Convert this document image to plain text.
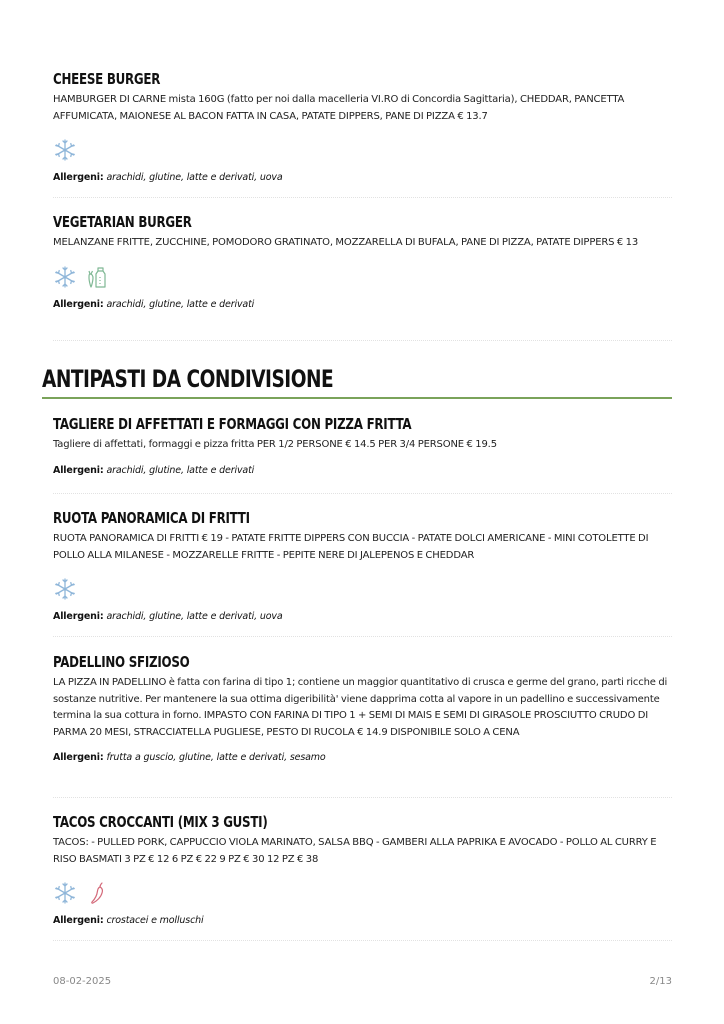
CHEESE BURGER

HAMBURGER DI CARNE mista 160G (fatto per noi dalla macelleria VI.RO di Concordia Sagittaria), CHEDDAR, PANCETTA AFFUMICATA, MAIONESE AL BACON FATTA IN CASA, PATATE DIPPERS, PANE DI PIZZA € 13.7

Allergeni: arachidi, glutine, latte e derivati, uova
VEGETARIAN BURGER

MELANZANE FRITTE, ZUCCHINE, POMODORO GRATINATO, MOZZARELLA DI BUFALA, PANE DI PIZZA, PATATE DIPPERS € 13

Allergeni: arachidi, glutine, latte e derivati
ANTIPASTI DA CONDIVISIONE
TAGLIERE DI AFFETTATI E FORMAGGI CON PIZZA FRITTA

Tagliere di affettati, formaggi e pizza fritta PER 1/2 PERSONE € 14.5 PER 3/4 PERSONE € 19.5

Allergeni: arachidi, glutine, latte e derivati
RUOTA PANORAMICA DI FRITTI

RUOTA PANORAMICA DI FRITTI € 19 - PATATE FRITTE DIPPERS CON BUCCIA - PATATE DOLCI AMERICANE - MINI COTOLETTE DI POLLO ALLA MILANESE - MOZZARELLE FRITTE - PEPITE NERE DI JALEPENOS E CHEDDAR

Allergeni: arachidi, glutine, latte e derivati, uova
PADELLINO SFIZIOSO

LA PIZZA IN PADELLINO è fatta con farina di tipo 1; contiene un maggior quantitativo di crusca e germe del grano, parti ricche di sostanze nutritive. Per mantenere la sua ottima digeribilità' viene dapprima cotta al vapore in un padellino e successivamente termina la sua cottura in forno. IMPASTO CON FARINA DI TIPO 1 + SEMI DI MAIS E SEMI DI GIRASOLE PROSCIUTTO CRUDO DI PARMA 20 MESI, STRACCIATELLA PUGLIESE, PESTO DI RUCOLA € 14.9 DISPONIBILE SOLO A CENA

Allergeni: frutta a guscio, glutine, latte e derivati, sesamo
TACOS CROCCANTI (MIX 3 GUSTI)

TACOS: - PULLED PORK, CAPPUCCIO VIOLA MARINATO, SALSA BBQ - GAMBERI ALLA PAPRIKA E AVOCADO - POLLO AL CURRY E RISO BASMATI 3 PZ € 12 6 PZ € 22 9 PZ € 30 12 PZ € 38

Allergeni: crostacei e molluschi
08-02-2025	2/13
